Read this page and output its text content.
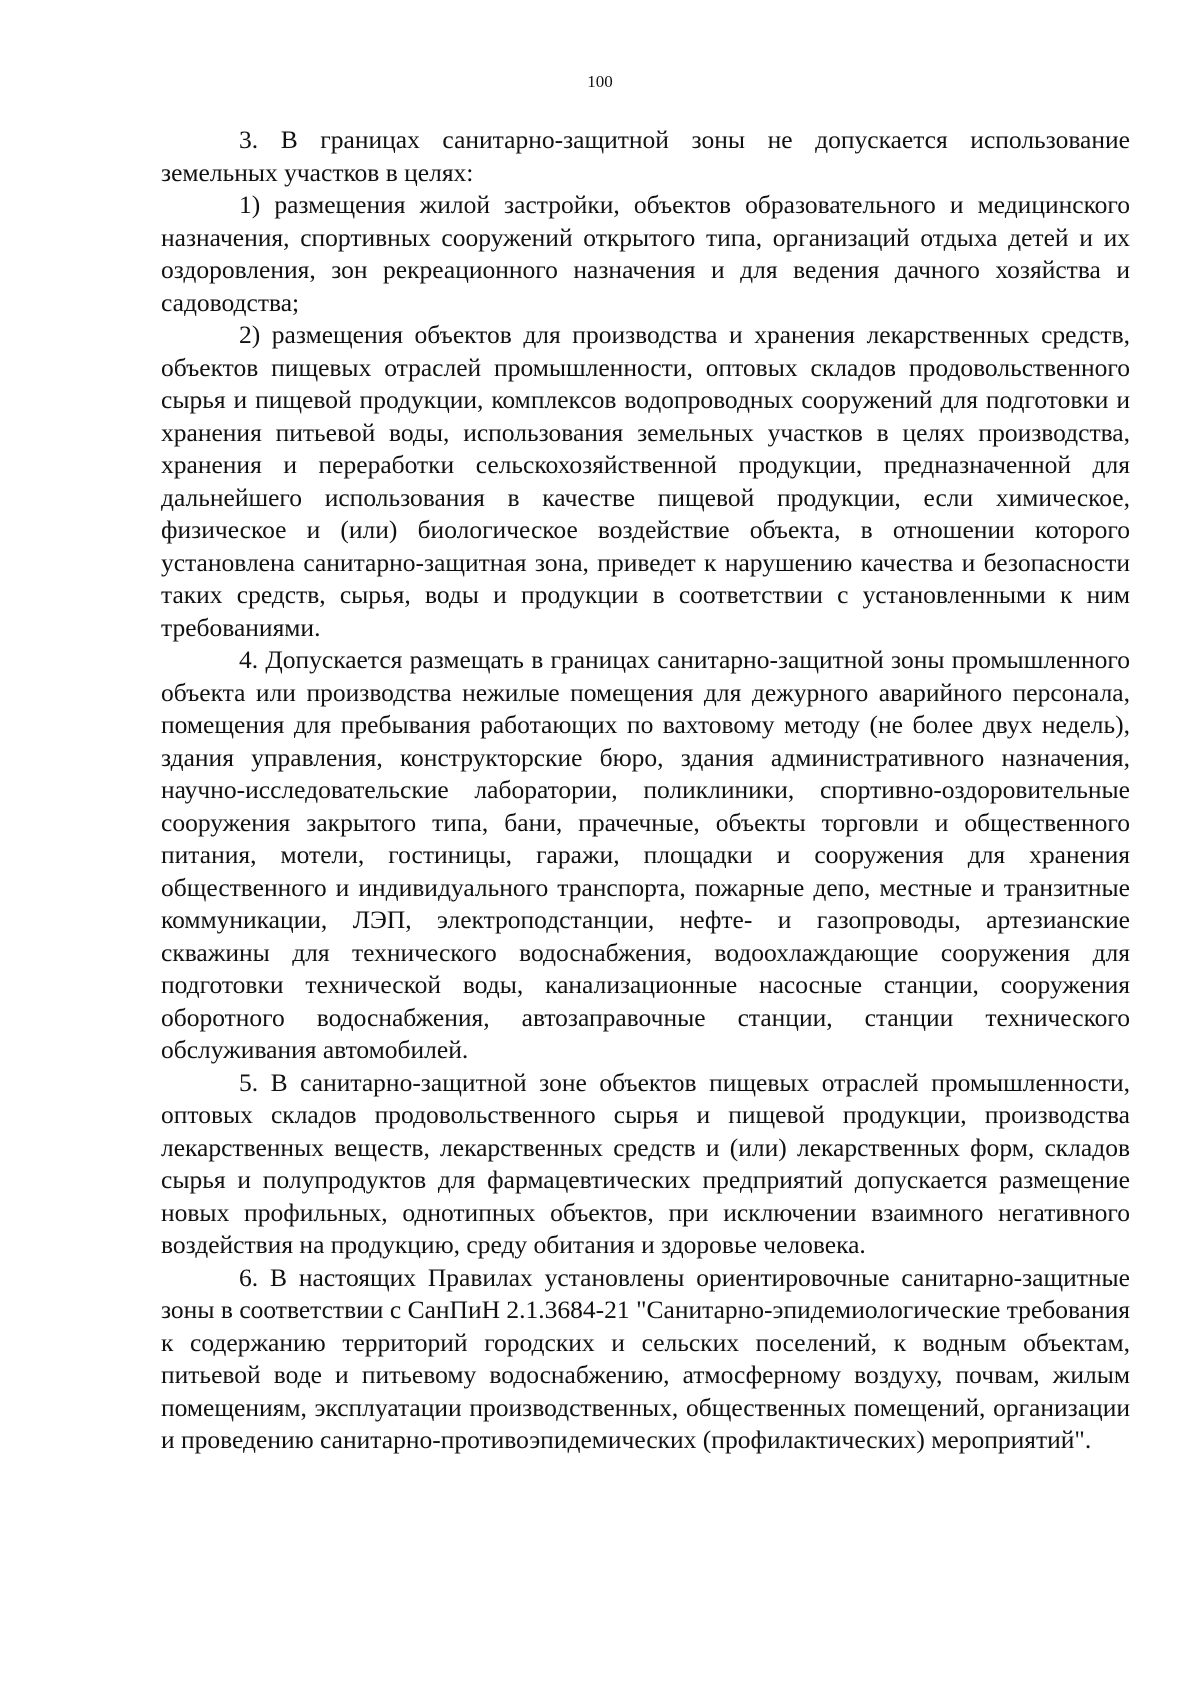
100

3. В границах санитарно-защитной зоны не допускается использование земельных участков в целях:

1) размещения жилой застройки, объектов образовательного и медицинского назначения, спортивных сооружений открытого типа, организаций отдыха детей и их оздоровления, зон рекреационного назначения и для ведения дачного хозяйства и садоводства;

2) размещения объектов для производства и хранения лекарственных средств, объектов пищевых отраслей промышленности, оптовых складов продовольственного сырья и пищевой продукции, комплексов водопроводных сооружений для подготовки и хранения питьевой воды, использования земельных участков в целях производства, хранения и переработки сельскохозяйственной продукции, предназначенной для дальнейшего использования в качестве пищевой продукции, если химическое, физическое и (или) биологическое воздействие объекта, в отношении которого установлена санитарно-защитная зона, приведет к нарушению качества и безопасности таких средств, сырья, воды и продукции в соответствии с установленными к ним требованиями.

4. Допускается размещать в границах санитарно-защитной зоны промышленного объекта или производства нежилые помещения для дежурного аварийного персонала, помещения для пребывания работающих по вахтовому методу (не более двух недель), здания управления, конструкторские бюро, здания административного назначения, научно-исследовательские лаборатории, поликлиники, спортивно-оздоровительные сооружения закрытого типа, бани, прачечные, объекты торговли и общественного питания, мотели, гостиницы, гаражи, площадки и сооружения для хранения общественного и индивидуального транспорта, пожарные депо, местные и транзитные коммуникации, ЛЭП, электроподстанции, нефте- и газопроводы, артезианские скважины для технического водоснабжения, водоохлаждающие сооружения для подготовки технической воды, канализационные насосные станции, сооружения оборотного водоснабжения, автозаправочные станции, станции технического обслуживания автомобилей.

5. В санитарно-защитной зоне объектов пищевых отраслей промышленности, оптовых складов продовольственного сырья и пищевой продукции, производства лекарственных веществ, лекарственных средств и (или) лекарственных форм, складов сырья и полупродуктов для фармацевтических предприятий допускается размещение новых профильных, однотипных объектов, при исключении взаимного негативного воздействия на продукцию, среду обитания и здоровье человека.

6. В настоящих Правилах установлены ориентировочные санитарно-защитные зоны в соответствии с СанПиН 2.1.3684-21 "Санитарно-эпидемиологические требования к содержанию территорий городских и сельских поселений, к водным объектам, питьевой воде и питьевому водоснабжению, атмосферному воздуху, почвам, жилым помещениям, эксплуатации производственных, общественных помещений, организации и проведению санитарно-противоэпидемических (профилактических) мероприятий".
